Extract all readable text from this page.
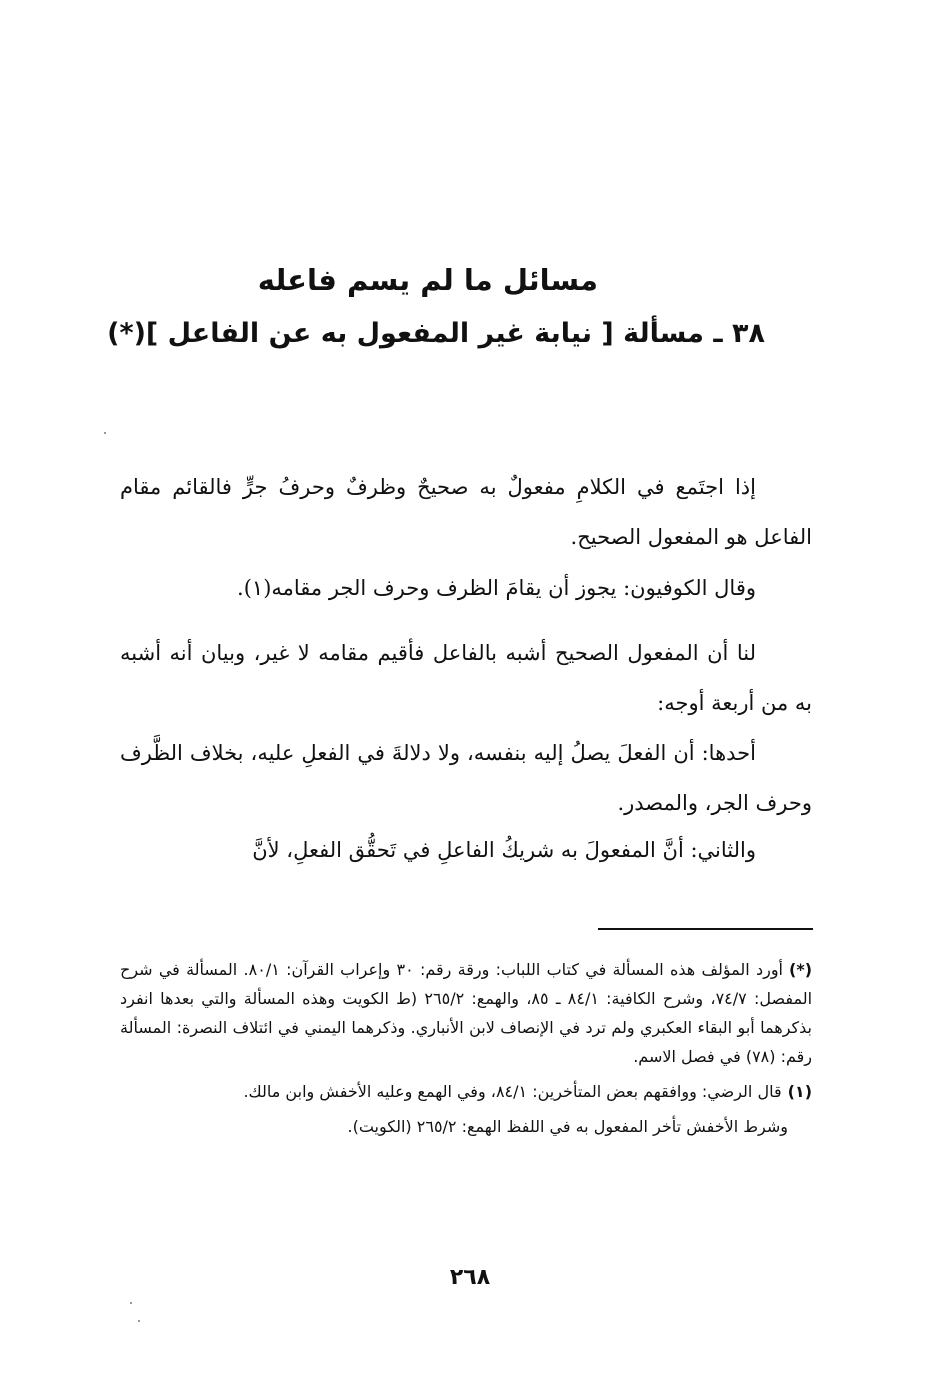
مسائل ما لم يسم فاعله
٣٨ ـ مسألة [ نيابة غير المفعول به عن الفاعل ](*)
إذا اجتَمع في الكلامِ مفعولٌ به صحيحٌ وظرفٌ وحرفُ جرٍّ فالقائم مقام الفاعل هو المفعول الصحيح.
وقال الكوفيون: يجوز أن يقامَ الظرف وحرف الجر مقامه(١).
لنا أن المفعول الصحيح أشبه بالفاعل فأقيم مقامه لا غير، وبيان أنه أشبه به من أربعة أوجه:
أحدها: أن الفعلَ يصلُ إليه بنفسه، ولا دلالةَ في الفعلِ عليه، بخلاف الظَّرف وحرف الجر، والمصدر.
والثاني: أنَّ المفعولَ به شريكُ الفاعلِ في تَحقُّق الفعلِ، لأنَّ
(*)أورد المؤلف هذه المسألة في كتاب اللباب: ورقة رقم: ٣٠ وإعراب القرآن: ٨٠/١. المسألة في شرح المفصل: ٧٤/٧، وشرح الكافية: ٨٤/١ ـ ٨٥، والهمع: ٢٦٥/٢ (ط الكويت وهذه المسألة والتي بعدها انفرد بذكرهما أبو البقاء العكبري ولم ترد في الإنصاف لابن الأنباري. وذكرهما اليمني في ائتلاف النصرة: المسألة رقم: (٧٨) في فصل الاسم.
(١)قال الرضي: ووافقهم بعض المتأخرين: ٨٤/١، وفي الهمع وعليه الأخفش وابن مالك.
وشرط الأخفش تأخر المفعول به في اللفظ الهمع: ٢٦٥/٢ (الكويت).
٢٦٨
